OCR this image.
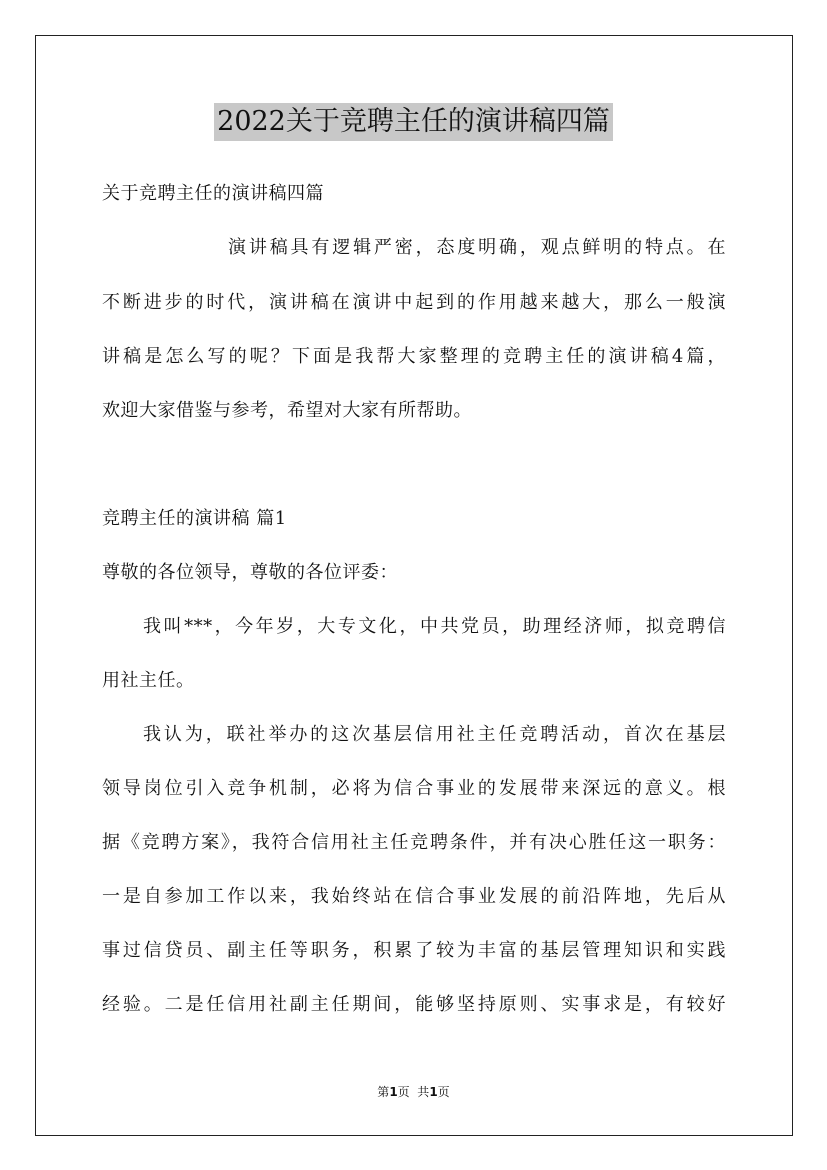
2022关于竞聘主任的演讲稿四篇
关于竞聘主任的演讲稿四篇
演讲稿具有逻辑严密，态度明确，观点鲜明的特点。在
不断进步的时代，演讲稿在演讲中起到的作用越来越大，那么一般演
讲稿是怎么写的呢？下面是我帮大家整理的竞聘主任的演讲稿4篇，
欢迎大家借鉴与参考，希望对大家有所帮助。
竞聘主任的演讲稿 篇1
尊敬的各位领导，尊敬的各位评委：
我叫***，今年岁，大专文化，中共党员，助理经济师，拟竞聘信
用社主任。
我认为，联社举办的这次基层信用社主任竞聘活动，首次在基层
领导岗位引入竞争机制，必将为信合事业的发展带来深远的意义。根
据《竞聘方案》，我符合信用社主任竞聘条件，并有决心胜任这一职务：
一是自参加工作以来，我始终站在信合事业发展的前沿阵地，先后从
事过信贷员、副主任等职务，积累了较为丰富的基层管理知识和实践
经验。二是任信用社副主任期间，能够坚持原则、实事求是，有较好
第1页  共1页
